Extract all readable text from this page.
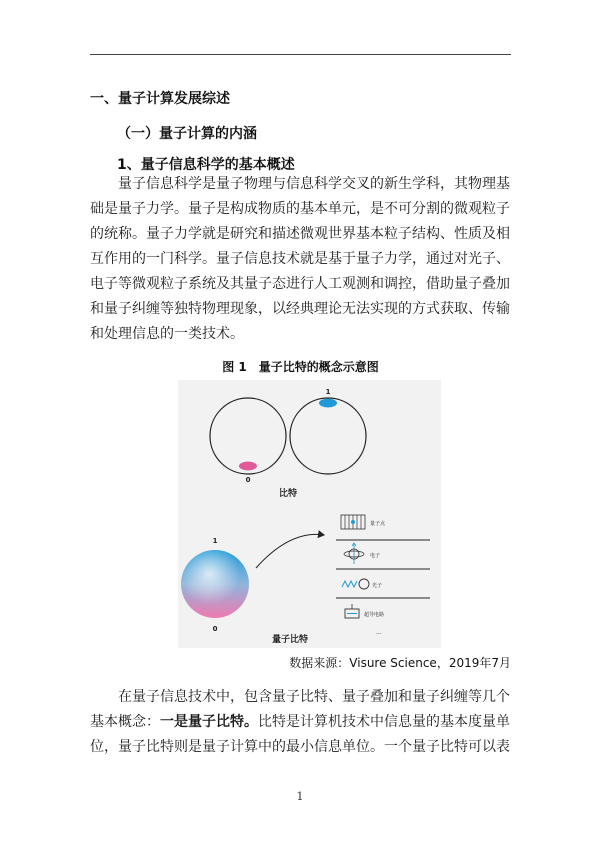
一、量子计算发展综述
（一）量子计算的内涵
1、量子信息科学的基本概述
量子信息科学是量子物理与信息科学交叉的新生学科，其物理基
础是量子力学。量子是构成物质的基本单元，是不可分割的微观粒子
的统称。量子力学就是研究和描述微观世界基本粒子结构、性质及相
互作用的一门科学。量子信息技术就是基于量子力学，通过对光子、
电子等微观粒子系统及其量子态进行人工观测和调控，借助量子叠加
和量子纠缠等独特物理现象，以经典理论无法实现的方式获取、传输
和处理信息的一类技术。
图 1　量子比特的概念示意图
0
1
比特
1
0
量子比特
量子点
电子
光子
超导电路
...
数据来源：Visure Science，2019年7月
在量子信息技术中，包含量子比特、量子叠加和量子纠缠等几个
基本概念：一是量子比特。比特是计算机技术中信息量的基本度量单
位，量子比特则是量子计算中的最小信息单位。一个量子比特可以表
1
